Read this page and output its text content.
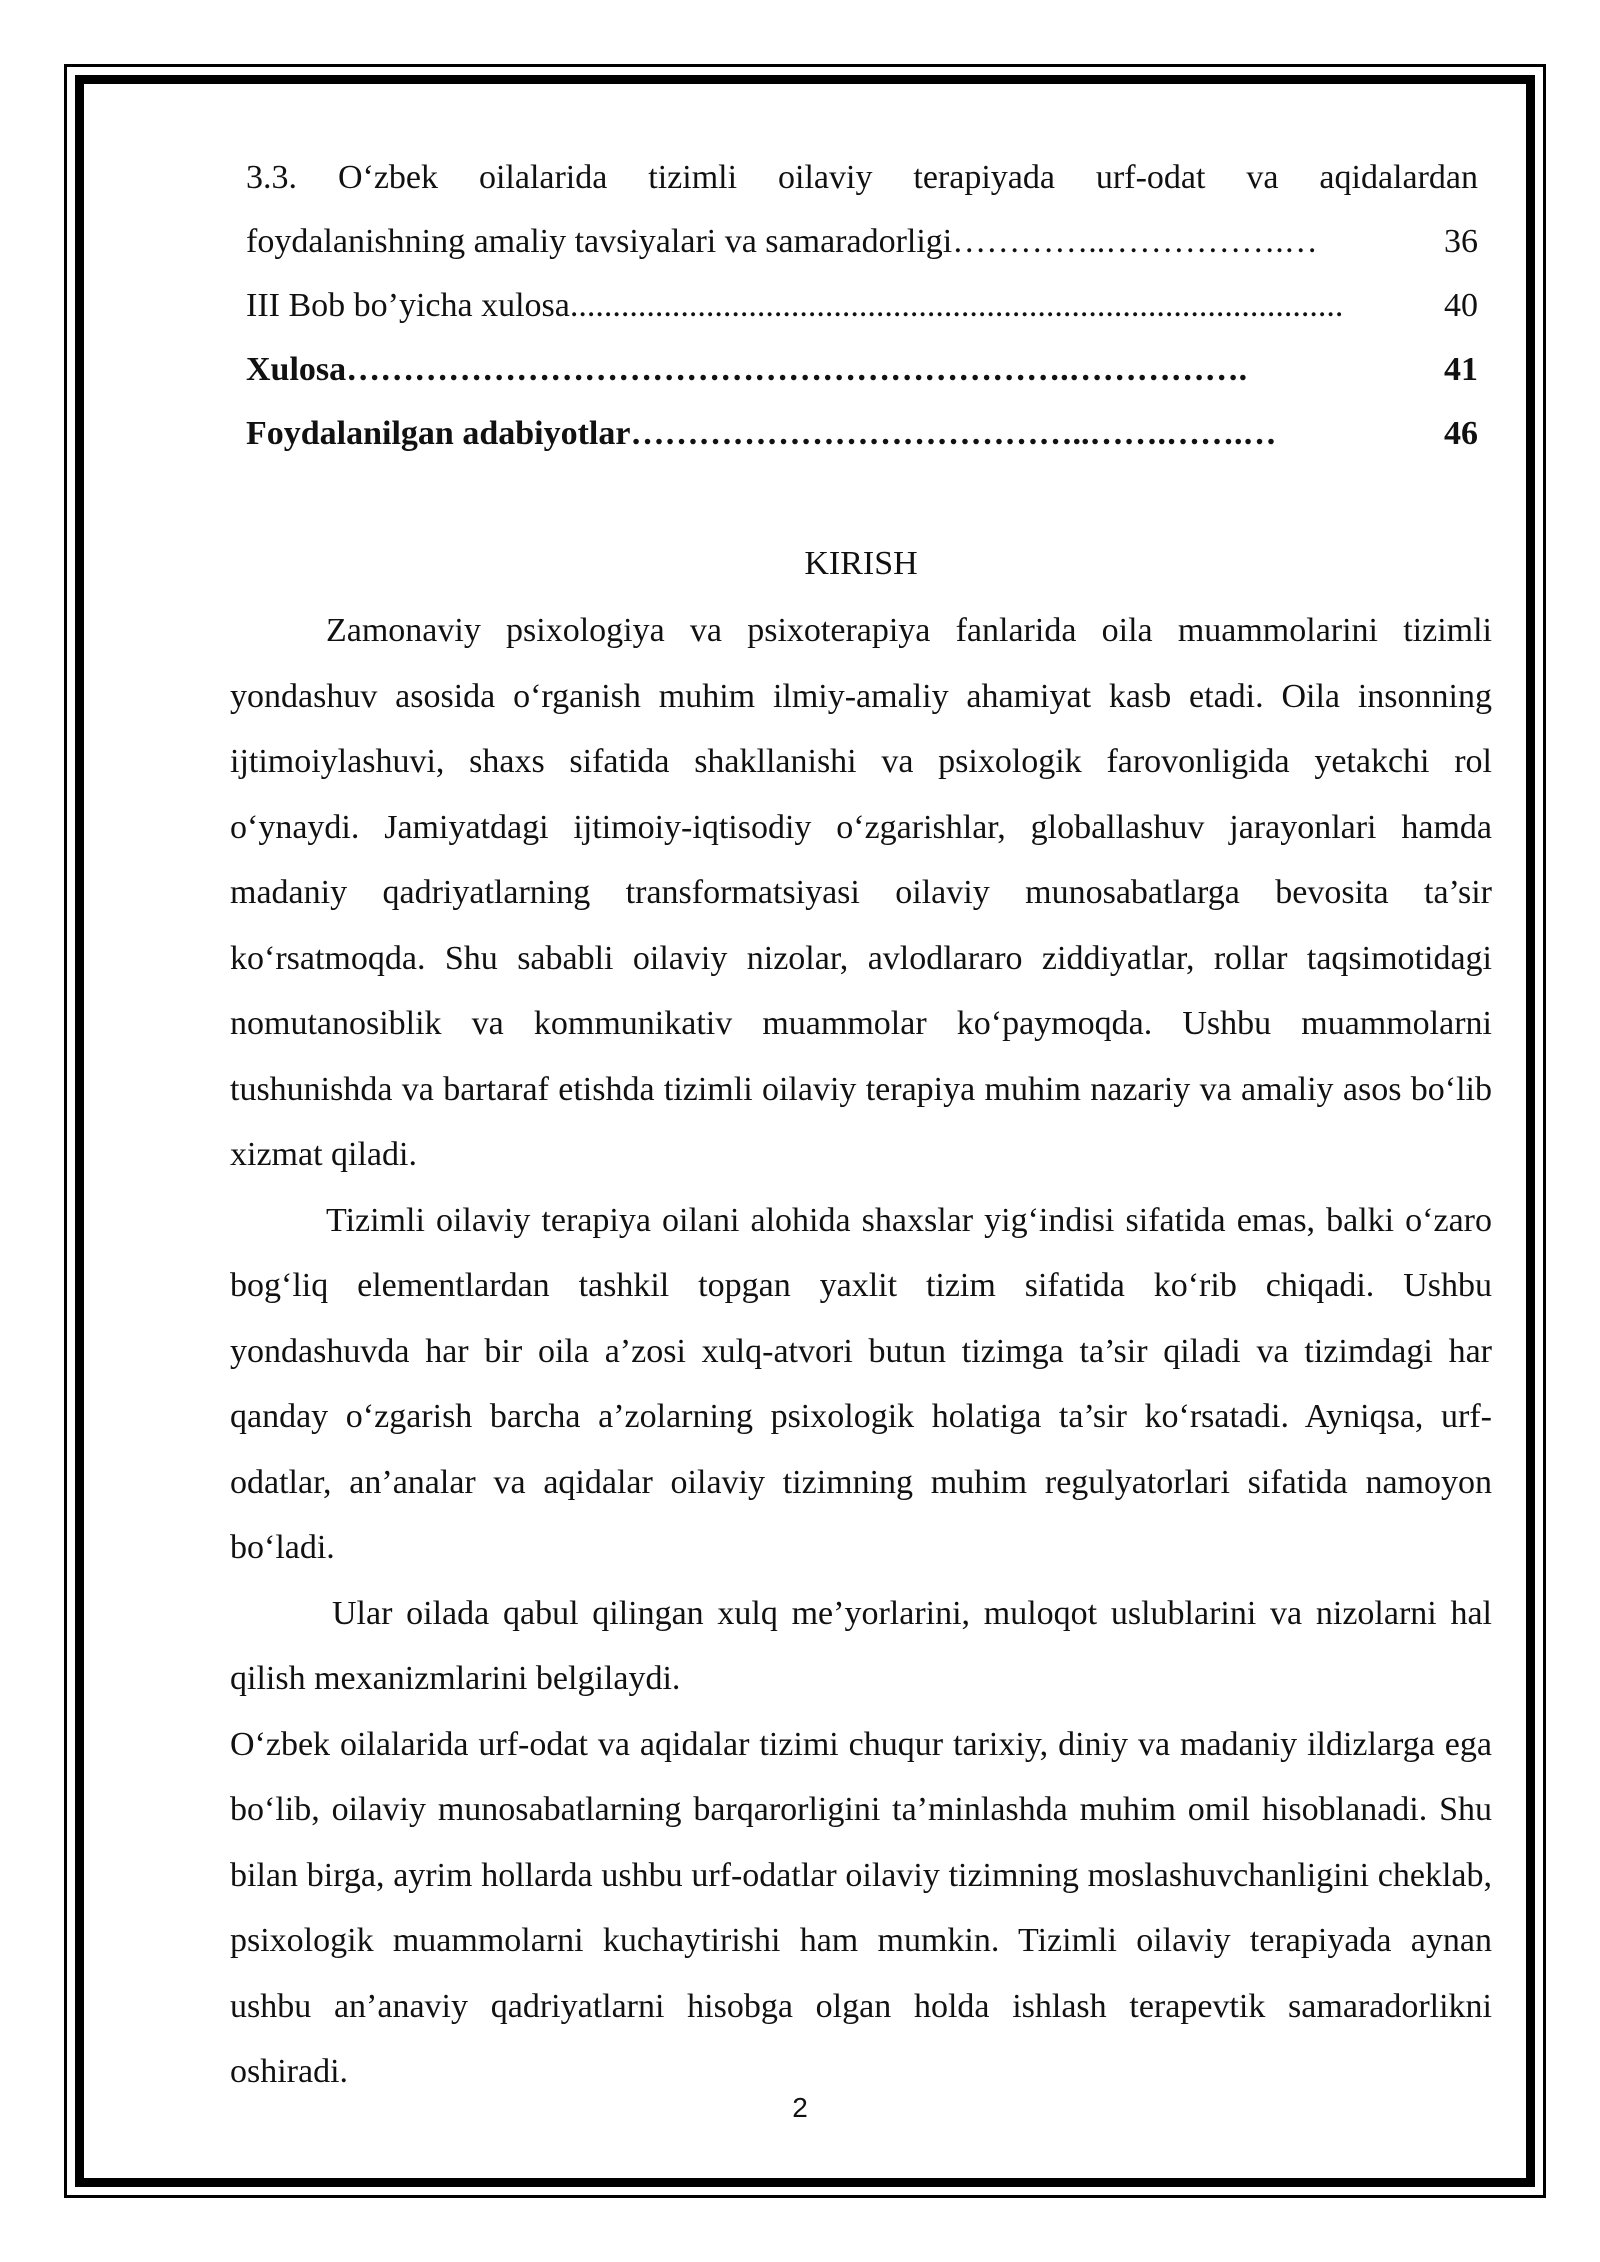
3.3. O‘zbek oilalarida tizimli oilaviy terapiyada urf-odat va aqidalardan
foydalanishning amaliy tavsiyalari va samaradorligi …………..…………….…	36
III Bob bo’yicha xulosa ...........................................................................................	40
Xulosa ……………………………………………………….…………….	41
Foydalanilgan adabiyotlar …………………………………..…….…….…	46
KIRISH

Zamonaviy psixologiya va psixoterapiya fanlarida oila muammolarini tizimli yondashuv asosida o‘rganish muhim ilmiy-amaliy ahamiyat kasb etadi. Oila insonning ijtimoiylashuvi, shaxs sifatida shakllanishi va psixologik farovonligida yetakchi rol o‘ynaydi. Jamiyatdagi ijtimoiy-iqtisodiy o‘zgarishlar, globallashuv jarayonlari hamda madaniy qadriyatlarning transformatsiyasi oilaviy munosabatlarga bevosita ta’sir ko‘rsatmoqda. Shu sababli oilaviy nizolar, avlodlararo ziddiyatlar, rollar taqsimotidagi nomutanosiblik va kommunikativ muammolar ko‘paymoqda. Ushbu muammolarni tushunishda va bartaraf etishda tizimli oilaviy terapiya muhim nazariy va amaliy asos bo‘lib xizmat qiladi.

Tizimli oilaviy terapiya oilani alohida shaxslar yig‘indisi sifatida emas, balki o‘zaro bog‘liq elementlardan tashkil topgan yaxlit tizim sifatida ko‘rib chiqadi. Ushbu yondashuvda har bir oila a’zosi xulq-atvori butun tizimga ta’sir qiladi va tizimdagi har qanday o‘zgarish barcha a’zolarning psixologik holatiga ta’sir ko‘rsatadi. Ayniqsa, urf-odatlar, an’analar va aqidalar oilaviy tizimning muhim regulyatorlari sifatida namoyon bo‘ladi.

Ular oilada qabul qilingan xulq me’yorlarini, muloqot uslublarini va nizolarni hal qilish mexanizmlarini belgilaydi.

O‘zbek oilalarida urf-odat va aqidalar tizimi chuqur tarixiy, diniy va madaniy ildizlarga ega bo‘lib, oilaviy munosabatlarning barqarorligini ta’minlashda muhim omil hisoblanadi. Shu bilan birga, ayrim hollarda ushbu urf-odatlar oilaviy tizimning moslashuvchanligini cheklab, psixologik muammolarni kuchaytirishi ham mumkin. Tizimli oilaviy terapiyada aynan ushbu an’anaviy qadriyatlarni hisobga olgan holda ishlash terapevtik samaradorlikni oshiradi.

2
